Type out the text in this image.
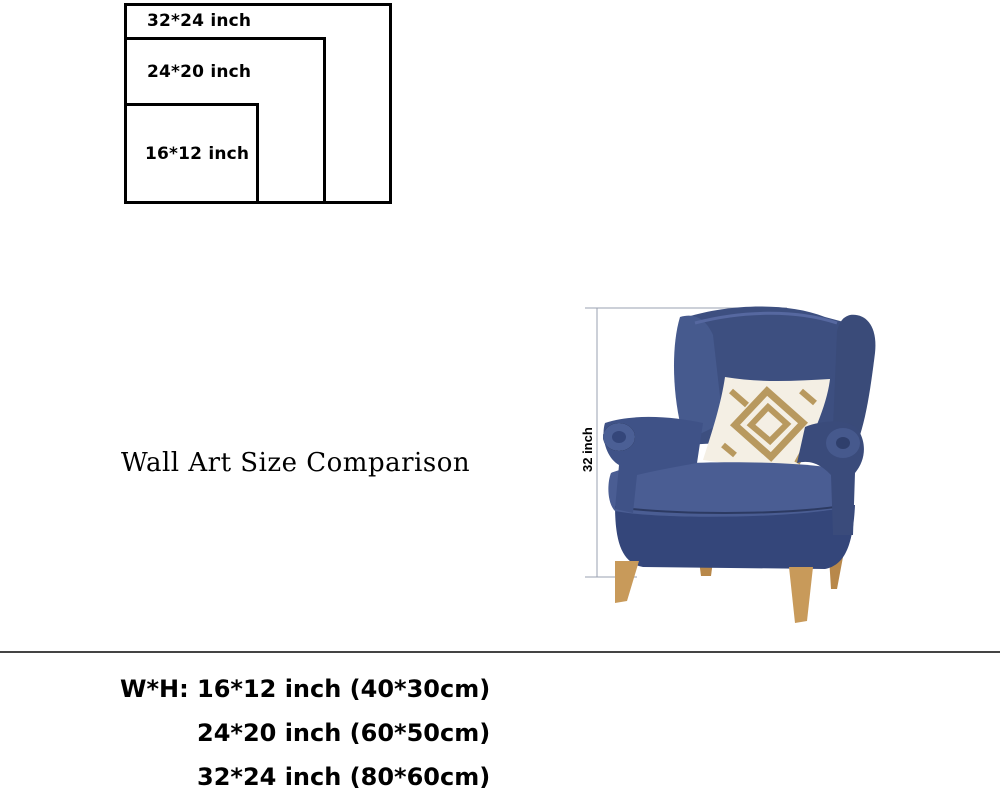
32*24 inch
24*20 inch
16*12 inch
Wall Art Size Comparison	32 inch
W*H: 16*12 inch (40*30cm)
24*20 inch (60*50cm)
32*24 inch (80*60cm)
